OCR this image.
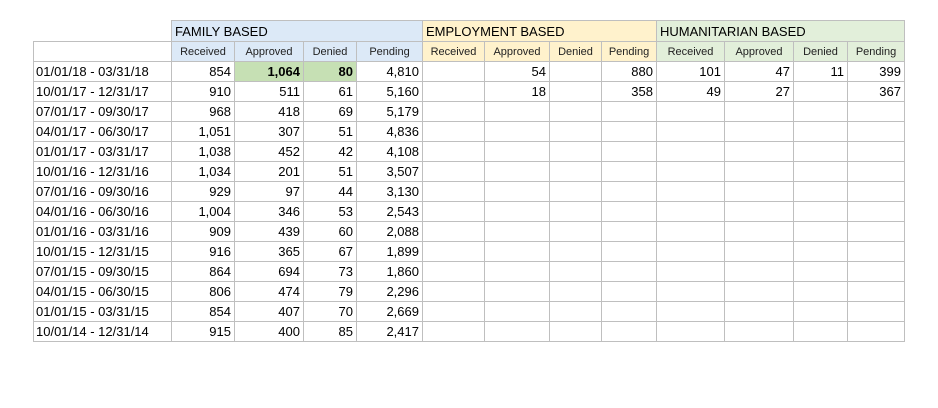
	FAMILY BASED				EMPLOYMENT BASED				HUMANITARIAN BASED			
	Received	Approved	Denied	Pending	Received	Approved	Denied	Pending	Received	Approved	Denied	Pending
01/01/18 - 03/31/18	854	1,064	80	4,810		54		880	101	47	11	399
10/01/17 - 12/31/17	910	511	61	5,160		18		358	49	27		367
07/01/17 - 09/30/17	968	418	69	5,179								
04/01/17 - 06/30/17	1,051	307	51	4,836								
01/01/17 - 03/31/17	1,038	452	42	4,108								
10/01/16 - 12/31/16	1,034	201	51	3,507								
07/01/16 - 09/30/16	929	97	44	3,130								
04/01/16 - 06/30/16	1,004	346	53	2,543								
01/01/16 - 03/31/16	909	439	60	2,088								
10/01/15 - 12/31/15	916	365	67	1,899								
07/01/15 - 09/30/15	864	694	73	1,860								
04/01/15 - 06/30/15	806	474	79	2,296								
01/01/15 - 03/31/15	854	407	70	2,669								
10/01/14 - 12/31/14	915	400	85	2,417								
